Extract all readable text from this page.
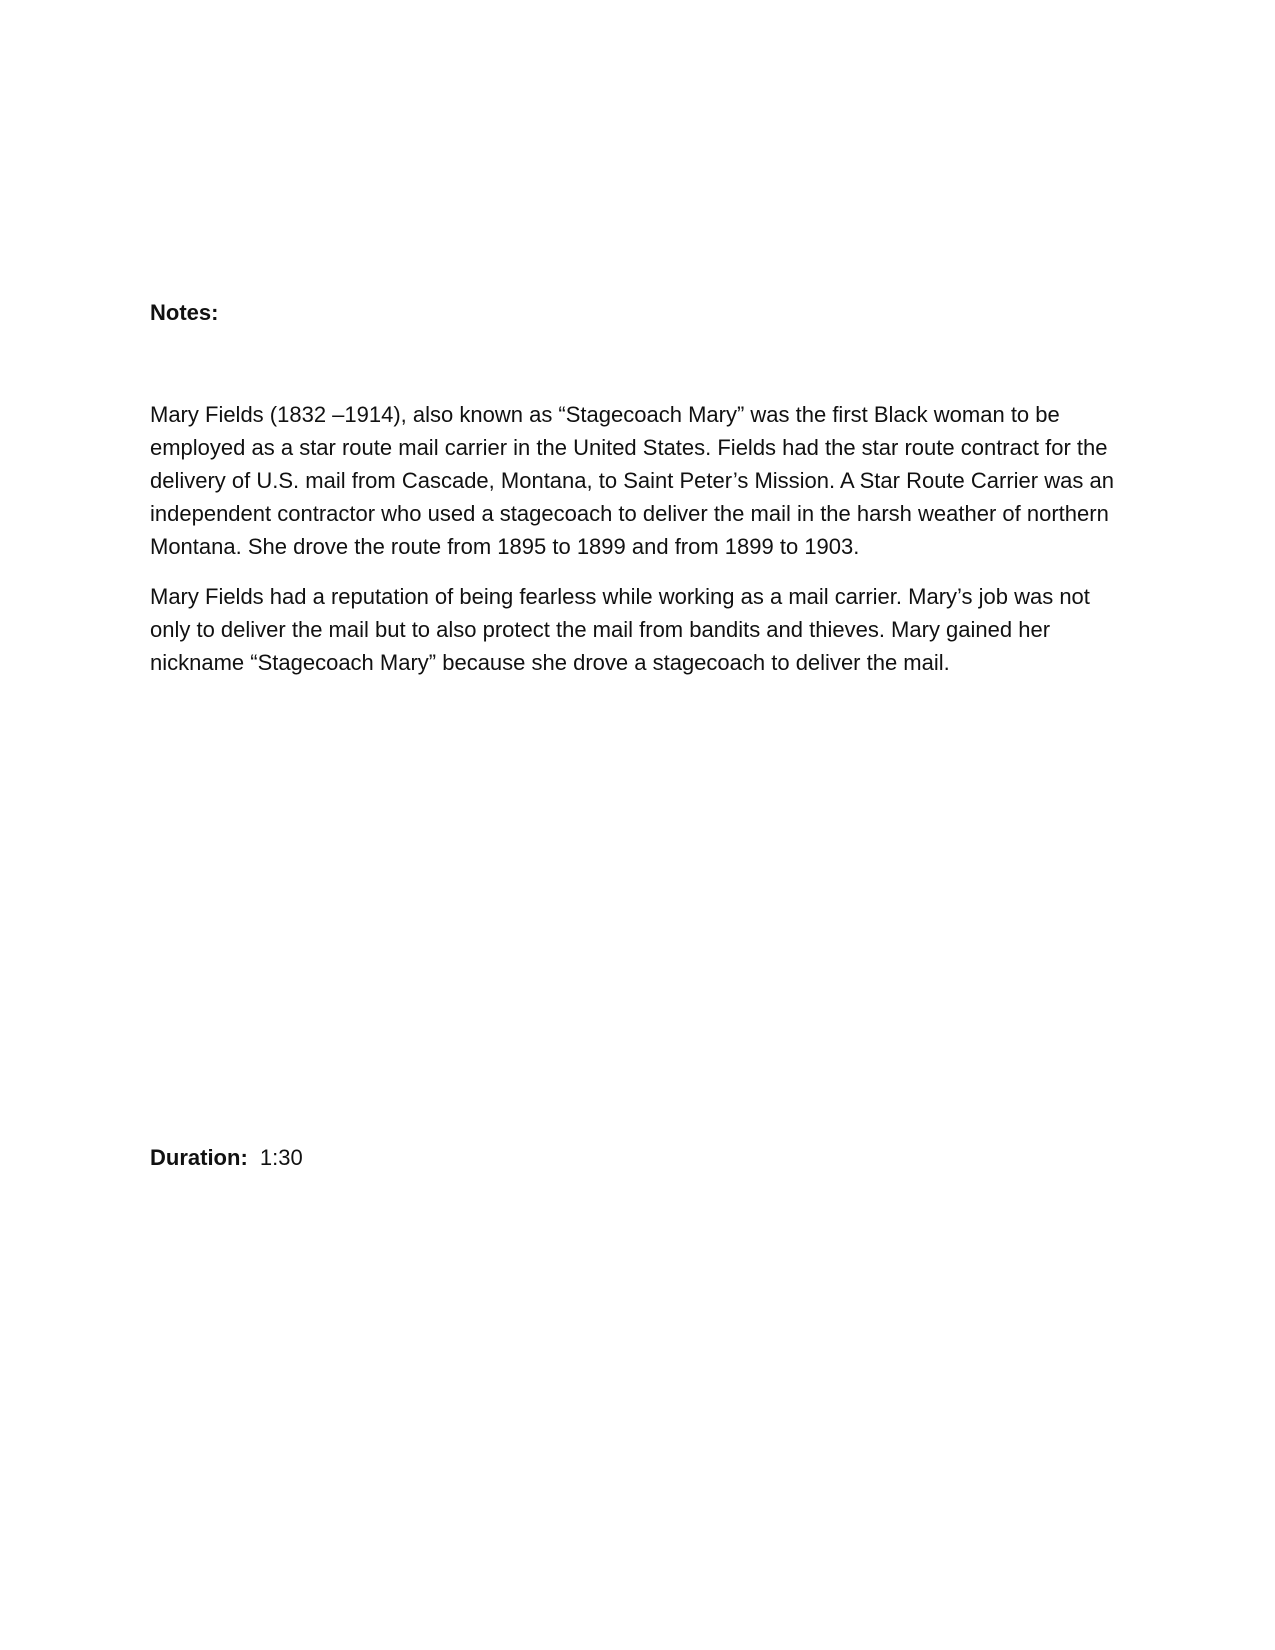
Notes:

Mary Fields (1832 –1914), also known as “Stagecoach Mary” was the first Black woman to be employed as a star route mail carrier in the United States. Fields had the star route contract for the delivery of U.S. mail from Cascade, Montana, to Saint Peter’s Mission. A Star Route Carrier was an independent contractor who used a stagecoach to deliver the mail in the harsh weather of northern Montana. She drove the route from 1895 to 1899 and from 1899 to 1903.

Mary Fields had a reputation of being fearless while working as a mail carrier. Mary’s job was not only to deliver the mail but to also protect the mail from bandits and thieves. Mary gained her nickname “Stagecoach Mary” because she drove a stagecoach to deliver the mail.

Duration: 1:30
